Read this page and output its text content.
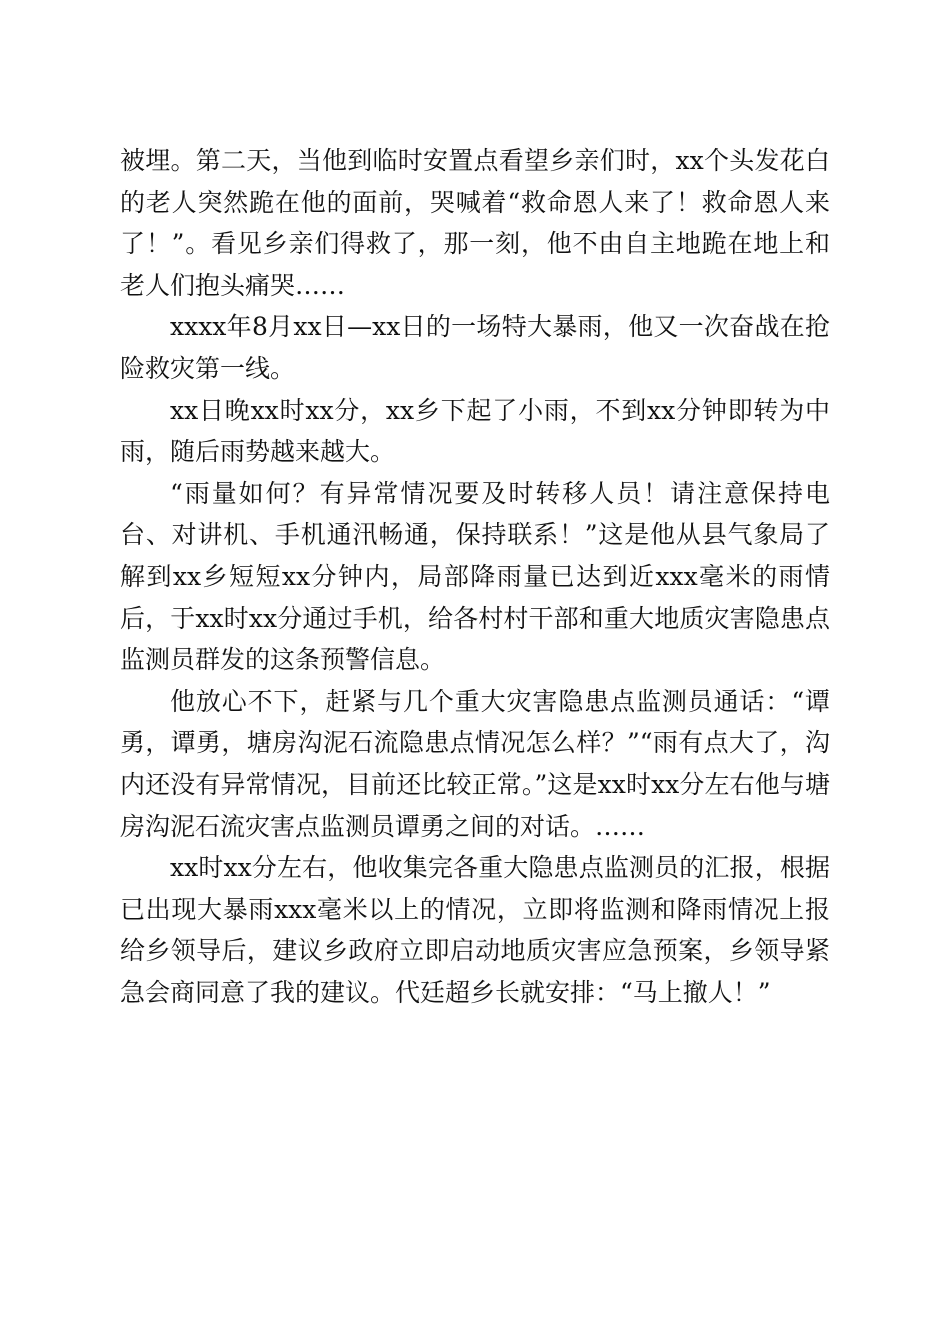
被埋。第二天，当他到临时安置点看望乡亲们时，xx个头发花白的老人突然跪在他的面前，哭喊着“救命恩人来了！救命恩人来了！”。看见乡亲们得救了，那一刻，他不由自主地跪在地上和老人们抱头痛哭……

xxxx年8月xx日—xx日的一场特大暴雨，他又一次奋战在抢险救灾第一线。

xx日晚xx时xx分，xx乡下起了小雨，不到xx分钟即转为中雨，随后雨势越来越大。

“雨量如何？有异常情况要及时转移人员！请注意保持电台、对讲机、手机通汛畅通，保持联系！”这是他从县气象局了解到xx乡短短xx分钟内，局部降雨量已达到近xxx毫米的雨情后，于xx时xx分通过手机，给各村村干部和重大地质灾害隐患点监测员群发的这条预警信息。

他放心不下，赶紧与几个重大灾害隐患点监测员通话：“谭勇，谭勇，塘房沟泥石流隐患点情况怎么样？”“雨有点大了，沟内还没有异常情况，目前还比较正常。”这是xx时xx分左右他与塘房沟泥石流灾害点监测员谭勇之间的对话。……

xx时xx分左右，他收集完各重大隐患点监测员的汇报，根据已出现大暴雨xxx毫米以上的情况，立即将监测和降雨情况上报给乡领导后，建议乡政府立即启动地质灾害应急预案，乡领导紧急会商同意了我的建议。代廷超乡长就安排：“马上撤人！”
